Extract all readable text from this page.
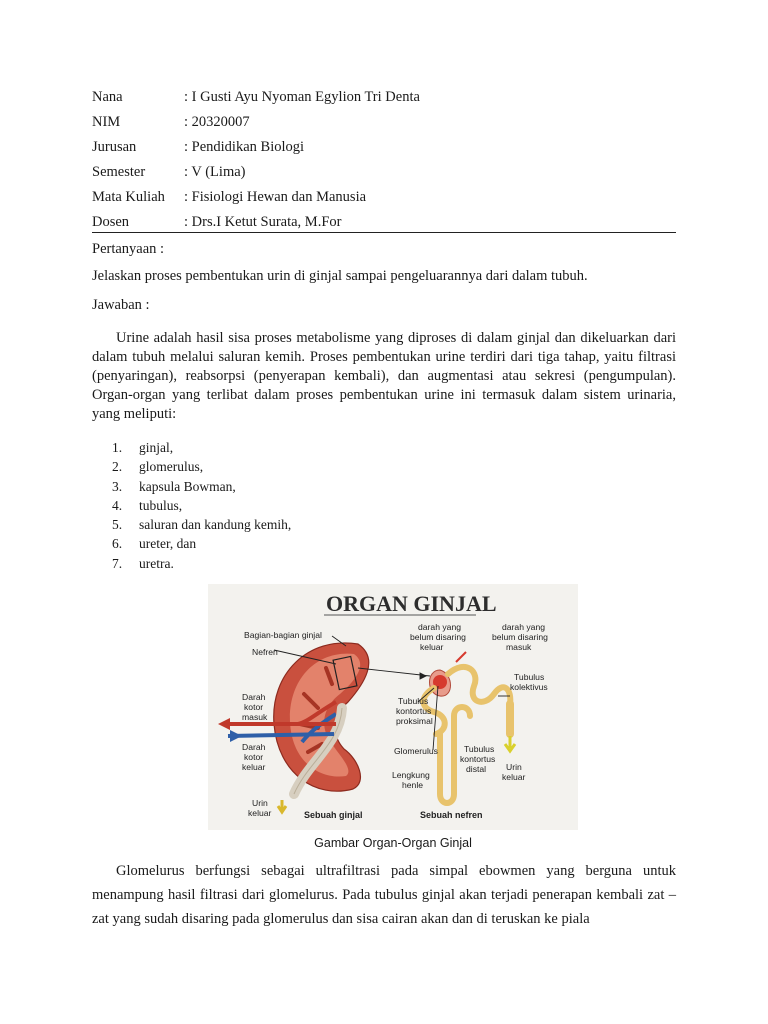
Nana	: I Gusti Ayu Nyoman Egylion Tri Denta
NIM	: 20320007
Jurusan	: Pendidikan Biologi
Semester	: V (Lima)
Mata Kuliah	: Fisiologi Hewan dan Manusia
Dosen	: Drs.I Ketut Surata, M.For
Pertanyaan :
Jelaskan proses pembentukan urin di ginjal sampai pengeluarannya dari dalam tubuh.
Jawaban :
Urine adalah hasil sisa proses metabolisme yang diproses di dalam ginjal dan dikeluarkan dari dalam tubuh melalui saluran kemih. Proses pembentukan urine terdiri dari tiga tahap, yaitu filtrasi (penyaringan), reabsorpsi (penyerapan kembali), dan augmentasi atau sekresi (pengumpulan). Organ-organ yang terlibat dalam proses pembentukan urine ini termasuk dalam sistem urinaria, yang meliputi:
1.	ginjal,
2.	glomerulus,
3.	kapsula Bowman,
4.	tubulus,
5.	saluran dan kandung kemih,
6.	ureter, dan
7.	uretra.
ORGAN GINJAL
Bagian-bagian ginjal
Nefren
Darah
kotor
masuk
Darah
kotor
keluar
Urin
keluar	Sebuah ginjal
darah yang
belum disaring
keluar
darah yang
belum disaring
masuk
Tubulus
kontortus
proksimal
Tubulus
kolektivus
Glomerulus	Tubulus
kontortus
distal Urin
keluar
Lengkung
henle
Sebuah nefren
Gambar Organ-Organ Ginjal
Glomelurus berfungsi sebagai ultrafiltrasi pada simpal ebowmen yang berguna untuk menampung hasil filtrasi dari glomelurus. Pada tubulus ginjal akan terjadi penerapan kembali zat – zat yang sudah disaring pada glomerulus dan sisa cairan akan dan di teruskan ke piala
